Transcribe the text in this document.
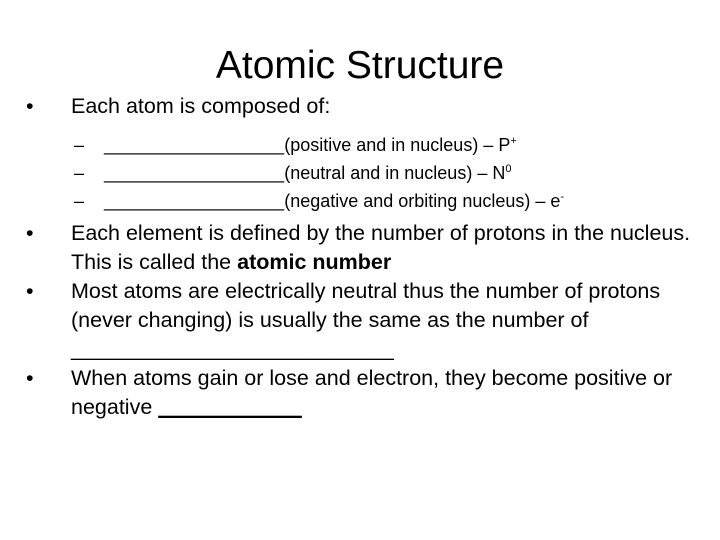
Atomic Structure
•	Each atom is composed of:
– __________________(positive and in nucleus) – P+
– __________________(neutral and in nucleus) – $N^0$
– __________________(negative and orbiting nucleus) – e-
•	Each element is defined by the number of protons in the nucleus. This is called the atomic number
•	Most atoms are electrically neutral thus the number of protons (never changing) is usually the same as the number of ___________________________
•	When atoms gain or lose and electron, they become positive or negative ____________
